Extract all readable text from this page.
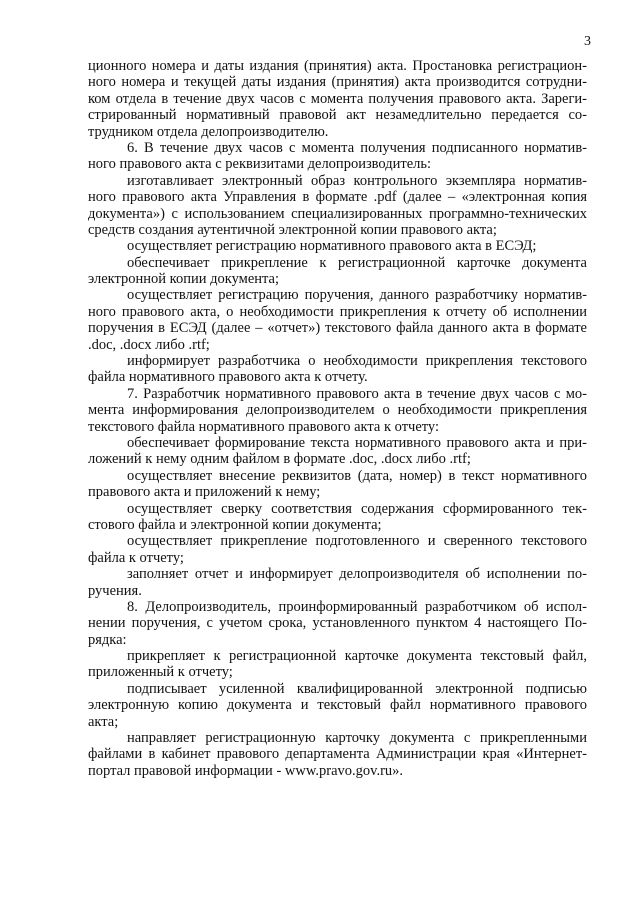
3
ционного номера и даты издания (принятия) акта. Простановка регистрацион-
ного номера и текущей даты издания (принятия) акта производится сотрудни-
ком отдела в течение двух часов с момента получения правового акта. Зареги-
стрированный нормативный правовой акт незамедлительно передается со-
трудником отдела делопроизводителю.
6. В течение двух часов с момента получения подписанного норматив-
ного правового акта с реквизитами делопроизводитель:
изготавливает электронный образ контрольного экземпляра норматив-
ного правового акта Управления в формате .pdf (далее – «электронная копия
документа») с использованием специализированных программно-технических
средств создания аутентичной электронной копии правового акта;
осуществляет регистрацию нормативного правового акта в ЕСЭД;
обеспечивает прикрепление к регистрационной карточке документа
электронной копии документа;
осуществляет регистрацию поручения, данного разработчику норматив-
ного правового акта, о необходимости прикрепления к отчету об исполнении
поручения в ЕСЭД (далее – «отчет») текстового файла данного акта в формате
.doc, .docx либо .rtf;
информирует разработчика о необходимости прикрепления текстового
файла нормативного правового акта к отчету.
7. Разработчик нормативного правового акта в течение двух часов с мо-
мента информирования делопроизводителем о необходимости прикрепления
текстового файла нормативного правового акта к отчету:
обеспечивает формирование текста нормативного правового акта и при-
ложений к нему одним файлом в формате .doc, .docx либо .rtf;
осуществляет внесение реквизитов (дата, номер) в текст нормативного
правового акта и приложений к нему;
осуществляет сверку соответствия содержания сформированного тек-
стового файла и электронной копии документа;
осуществляет прикрепление подготовленного и сверенного текстового
файла к отчету;
заполняет отчет и информирует делопроизводителя об исполнении по-
ручения.
8. Делопроизводитель, проинформированный разработчиком об испол-
нении поручения, с учетом срока, установленного пунктом 4 настоящего По-
рядка:
прикрепляет к регистрационной карточке документа текстовый файл,
приложенный к отчету;
подписывает усиленной квалифицированной электронной подписью
электронную копию документа и текстовый файл нормативного правового
акта;
направляет регистрационную карточку документа с прикрепленными
файлами в кабинет правового департамента Администрации края «Интернет-
портал правовой информации - www.pravo.gov.ru».
